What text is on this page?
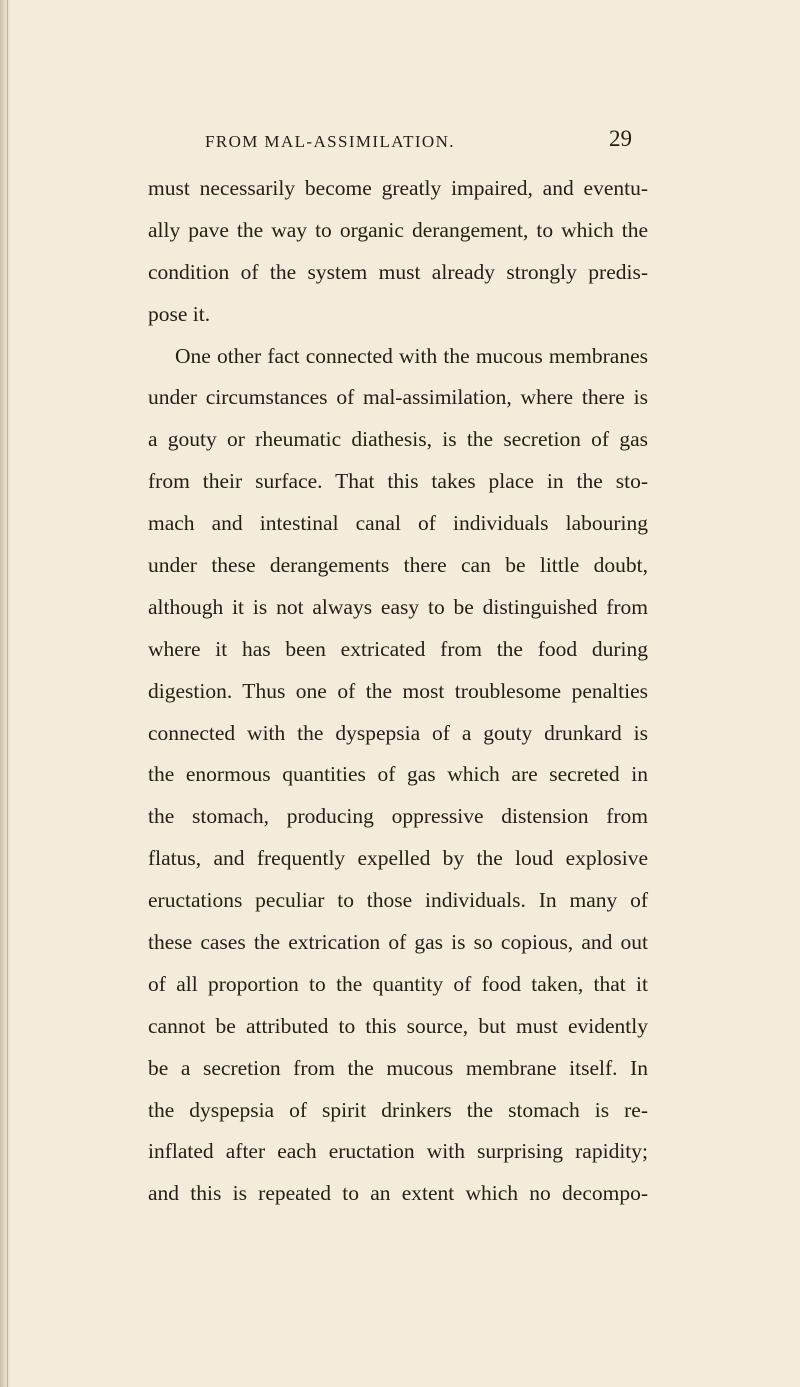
FROM MAL-ASSIMILATION.	29
must necessarily become greatly impaired, and eventu-
ally pave the way to organic derangement, to which the
condition of the system must already strongly predis-
pose it.
One other fact connected with the mucous membranes
under circumstances of mal-assimilation, where there is
a gouty or rheumatic diathesis, is the secretion of gas
from their surface. That this takes place in the sto-
mach and intestinal canal of individuals labouring
under these derangements there can be little doubt,
although it is not always easy to be distinguished from
where it has been extricated from the food during
digestion. Thus one of the most troublesome penalties
connected with the dyspepsia of a gouty drunkard is
the enormous quantities of gas which are secreted in
the stomach, producing oppressive distension from
flatus, and frequently expelled by the loud explosive
eructations peculiar to those individuals. In many of
these cases the extrication of gas is so copious, and out
of all proportion to the quantity of food taken, that it
cannot be attributed to this source, but must evidently
be a secretion from the mucous membrane itself. In
the dyspepsia of spirit drinkers the stomach is re-
inflated after each eructation with surprising rapidity;
and this is repeated to an extent which no decompo-
